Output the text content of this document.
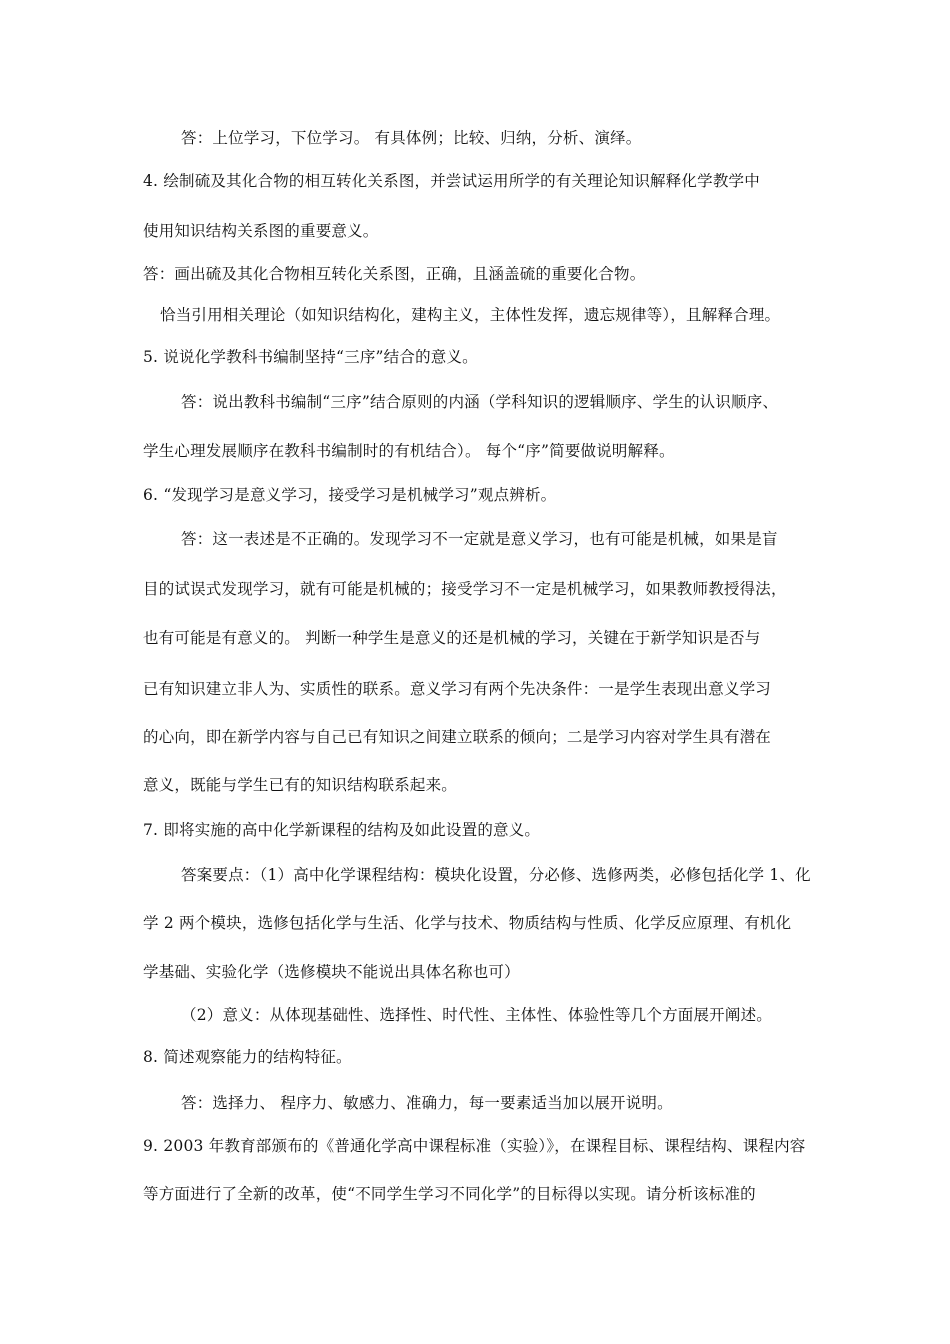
答：上位学习，下位学习。 有具体例；比较、归纳，分析、演绎。
4. 绘制硫及其化合物的相互转化关系图，并尝试运用所学的有关理论知识解释化学教学中
使用知识结构关系图的重要意义。
答：画出硫及其化合物相互转化关系图，正确，且涵盖硫的重要化合物。
恰当引用相关理论（如知识结构化，建构主义，主体性发挥，遗忘规律等），且解释合理。
5. 说说化学教科书编制坚持“三序”结合的意义。
答：说出教科书编制“三序”结合原则的内涵（学科知识的逻辑顺序、学生的认识顺序、
学生心理发展顺序在教科书编制时的有机结合）。 每个“序”简要做说明解释。
6. “发现学习是意义学习，接受学习是机械学习”观点辨析。
答：这一表述是不正确的。发现学习不一定就是意义学习，也有可能是机械，如果是盲
目的试误式发现学习，就有可能是机械的；接受学习不一定是机械学习，如果教师教授得法，
也有可能是有意义的。 判断一种学生是意义的还是机械的学习，关键在于新学知识是否与
已有知识建立非人为、实质性的联系。意义学习有两个先决条件：一是学生表现出意义学习
的心向，即在新学内容与自己已有知识之间建立联系的倾向；二是学习内容对学生具有潜在
意义，既能与学生已有的知识结构联系起来。
7. 即将实施的高中化学新课程的结构及如此设置的意义。
答案要点：（1）高中化学课程结构：模块化设置，分必修、选修两类，必修包括化学 1、化
学 2 两个模块，选修包括化学与生活、化学与技术、物质结构与性质、化学反应原理、有机化
学基础、实验化学（选修模块不能说出具体名称也可）
（2）意义：从体现基础性、选择性、时代性、主体性、体验性等几个方面展开阐述。
8. 简述观察能力的结构特征。
答：选择力、 程序力、敏感力、准确力，每一要素适当加以展开说明。
9. 2003 年教育部颁布的《普通化学高中课程标准（实验）》，在课程目标、课程结构、课程内容
等方面进行了全新的改革，使“不同学生学习不同化学”的目标得以实现。请分析该标准的
